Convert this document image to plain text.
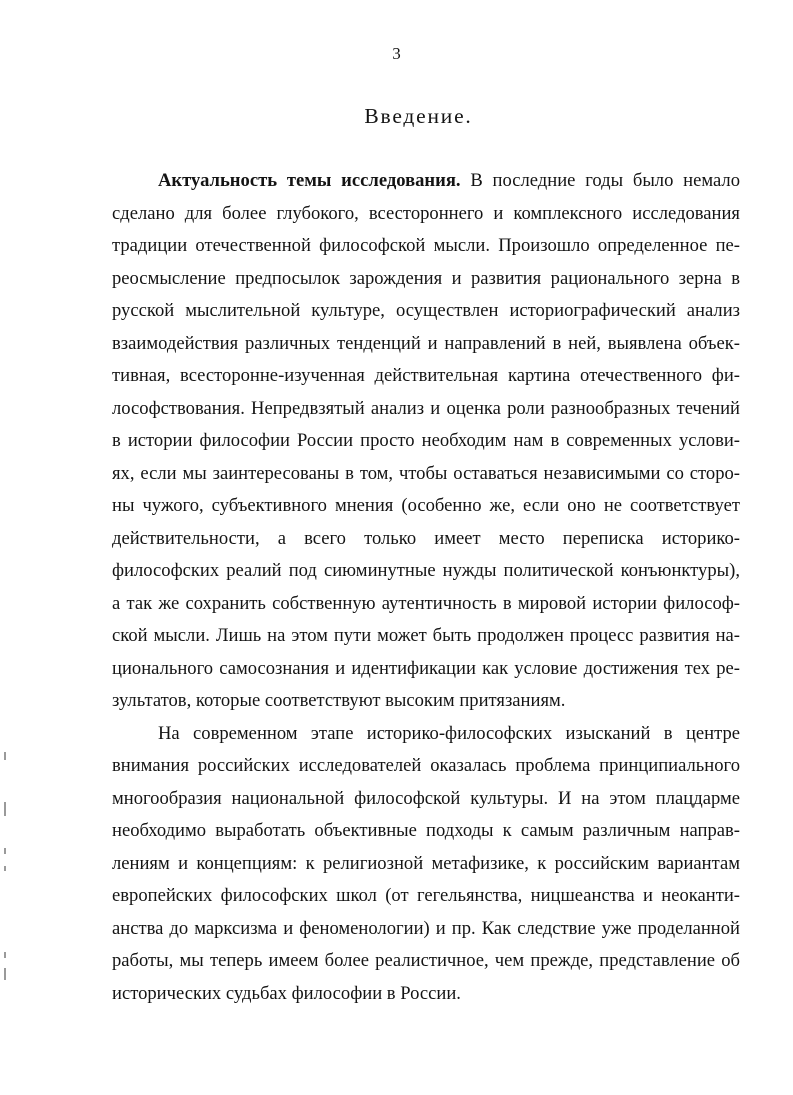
3
Введение.
Актуальность темы исследования. В последние годы было немало
сделано для более глубокого, всестороннего и комплексного исследования
традиции отечественной философской мысли. Произошло определенное пе-
реосмысление предпосылок зарождения и развития рационального зерна в
русской мыслительной культуре, осуществлен историографический анализ
взаимодействия различных тенденций и направлений в ней, выявлена объек-
тивная, всесторонне-изученная действительная картина отечественного фи-
лософствования. Непредвзятый анализ и оценка роли разнообразных течений
в истории философии России просто необходим нам в современных услови-
ях, если мы заинтересованы в том, чтобы оставаться независимыми со сторо-
ны чужого, субъективного мнения (особенно же, если оно не соответствует
действительности, а всего только имеет место переписка историко-
философских реалий под сиюминутные нужды политической конъюнктуры),
а так же сохранить собственную аутентичность в мировой истории философ-
ской мысли. Лишь на этом пути может быть продолжен процесс развития на-
ционального самосознания и идентификации как условие достижения тех ре-
зультатов, которые соответствуют высоким притязаниям.
На современном этапе историко-философских изысканий в центре
внимания российских исследователей оказалась проблема принципиального
многообразия национальной философской культуры. И на этом плацдарме
необходимо выработать объективные подходы к самым различным направ-
лениям и концепциям: к религиозной метафизике, к российским вариантам
европейских философских школ (от гегельянства, ницшеанства и неоканти-
анства до марксизма и феноменологии) и пр. Как следствие уже проделанной
работы, мы теперь имеем более реалистичное, чем прежде, представление об
исторических судьбах философии в России.
